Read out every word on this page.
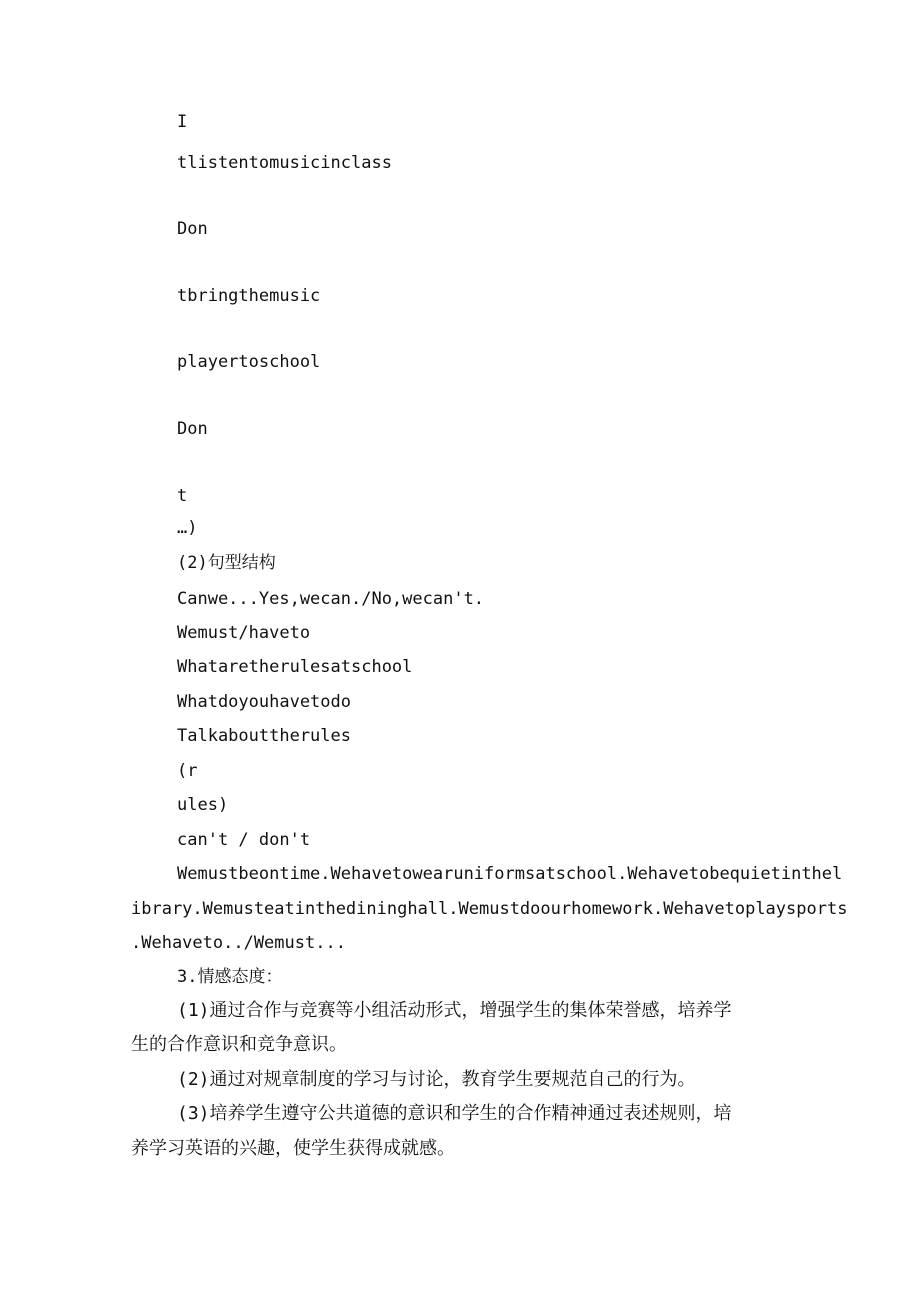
I
tlistentomusicinclass
Don
tbringthemusic
playertoschool
Don
t
…)
(2)句型结构
Canwe...Yes,wecan./No,wecan't.
Wemust/haveto
Whataretherulesatschool
Whatdoyouhavetodo
Talkabouttherules
(r
ules)
can't / don't
Wemustbeontime.Wehavetowearuniformsatschool.Wehavetobequietinthel
ibrary.Wemusteatinthedininghall.Wemustdoourhomework.Wehavetoplaysports
.Wehaveto../Wemust...
3.情感态度：
(1)通过合作与竞赛等小组活动形式，增强学生的集体荣誉感，培养学
生的合作意识和竞争意识。
(2)通过对规章制度的学习与讨论，教育学生要规范自己的行为。
(3)培养学生遵守公共道德的意识和学生的合作精神通过表述规则，培
养学习英语的兴趣，使学生获得成就感。
